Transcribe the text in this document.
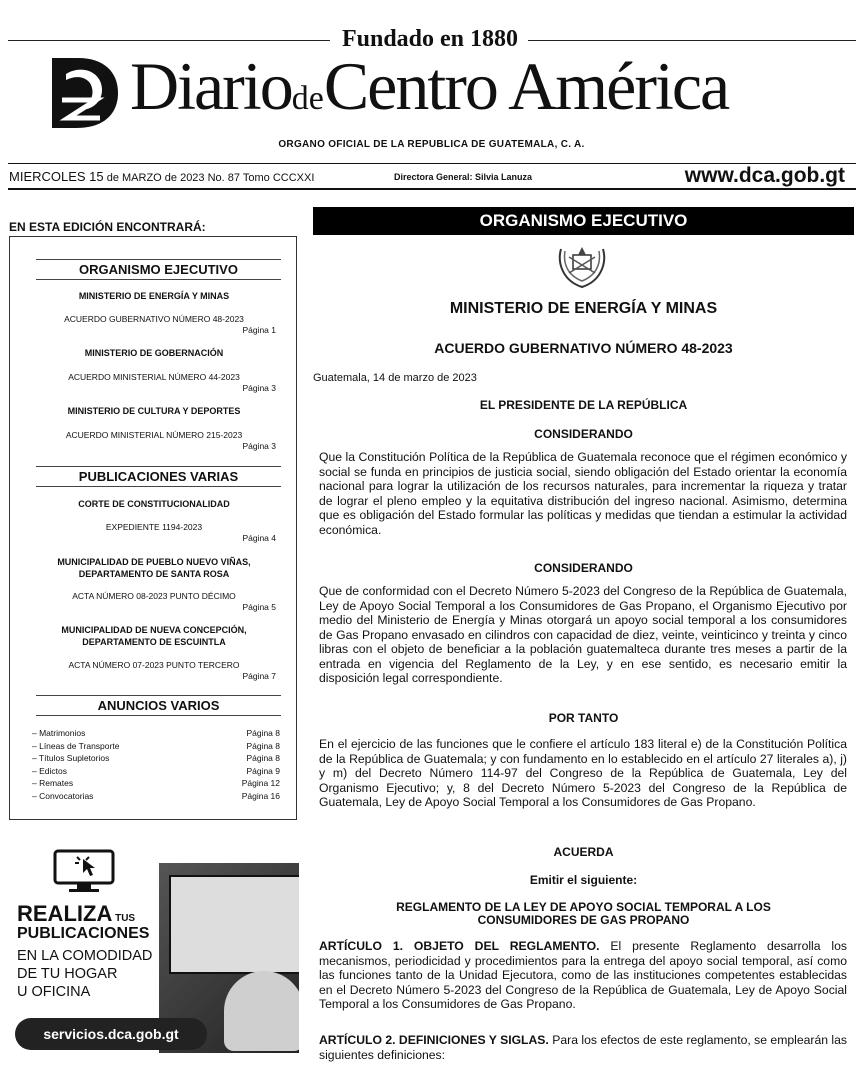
Fundado en 1880
DiariodeCentro América
ORGANO OFICIAL DE LA REPUBLICA DE GUATEMALA, C. A.
MIERCOLES 15 de MARZO de 2023 No. 87 Tomo CCCXXI	Directora General: Silvia Lanuza	www.dca.gob.gt
EN ESTA EDICIÓN ENCONTRARÁ:
ORGANISMO EJECUTIVO
MINISTERIO DE ENERGÍA Y MINAS
ACUERDO GUBERNATIVO NÚMERO 48-2023
Página 1
MINISTERIO DE GOBERNACIÓN
ACUERDO MINISTERIAL NÚMERO 44-2023
Página 3
MINISTERIO DE CULTURA Y DEPORTES
ACUERDO MINISTERIAL NÚMERO 215-2023
Página 3
PUBLICACIONES VARIAS
CORTE DE CONSTITUCIONALIDAD
EXPEDIENTE 1194-2023
Página 4
MUNICIPALIDAD DE PUEBLO NUEVO VIÑAS,
DEPARTAMENTO DE SANTA ROSA
ACTA NÚMERO 08-2023 PUNTO DÉCIMO
Página 5
MUNICIPALIDAD DE NUEVA CONCEPCIÓN,
DEPARTAMENTO DE ESCUINTLA
ACTA NÚMERO 07-2023 PUNTO TERCERO
Página 7
ANUNCIOS VARIOS
– Matrimonios	Página 8
– Líneas de Transporte	Página 8
– Títulos Supletorios	Página 8
– Edictos	Página 9
– Remates	Página 12
– Convocatorias	Página 16
REALIZA TUS
PUBLICACIONES
EN LA COMODIDAD
DE TU HOGAR
U OFICINA
servicios.dca.gob.gt
ORGANISMO EJECUTIVO
MINISTERIO DE ENERGÍA Y MINAS
ACUERDO GUBERNATIVO NÚMERO 48-2023
Guatemala, 14 de marzo de 2023
EL PRESIDENTE DE LA REPÚBLICA
CONSIDERANDO
Que la Constitución Política de la República de Guatemala reconoce que el régimen económico y social se funda en principios de justicia social, siendo obligación del Estado orientar la economía nacional para lograr la utilización de los recursos naturales, para incrementar la riqueza y tratar de lograr el pleno empleo y la equitativa distribución del ingreso nacional. Asimismo, determina que es obligación del Estado formular las políticas y medidas que tiendan a estimular la actividad económica.
CONSIDERANDO
Que de conformidad con el Decreto Número 5-2023 del Congreso de la República de Guatemala, Ley de Apoyo Social Temporal a los Consumidores de Gas Propano, el Organismo Ejecutivo por medio del Ministerio de Energía y Minas otorgará un apoyo social temporal a los consumidores de Gas Propano envasado en cilindros con capacidad de diez, veinte, veinticinco y treinta y cinco libras con el objeto de beneficiar a la población guatemalteca durante tres meses a partir de la entrada en vigencia del Reglamento de la Ley, y en ese sentido, es necesario emitir la disposición legal correspondiente.
POR TANTO
En el ejercicio de las funciones que le confiere el artículo 183 literal e) de la Constitución Política de la República de Guatemala; y con fundamento en lo establecido en el artículo 27 literales a), j) y m) del Decreto Número 114-97 del Congreso de la República de Guatemala, Ley del Organismo Ejecutivo; y, 8 del Decreto Número 5-2023 del Congreso de la República de Guatemala, Ley de Apoyo Social Temporal a los Consumidores de Gas Propano.
ACUERDA
Emitir el siguiente:
REGLAMENTO DE LA LEY DE APOYO SOCIAL TEMPORAL A LOS
CONSUMIDORES DE GAS PROPANO
ARTÍCULO 1. OBJETO DEL REGLAMENTO. El presente Reglamento desarrolla los mecanismos, periodicidad y procedimientos para la entrega del apoyo social temporal, así como las funciones tanto de la Unidad Ejecutora, como de las instituciones competentes establecidas en el Decreto Número 5-2023 del Congreso de la República de Guatemala, Ley de Apoyo Social Temporal a los Consumidores de Gas Propano.
ARTÍCULO 2. DEFINICIONES Y SIGLAS. Para los efectos de este reglamento, se emplearán las siguientes definiciones:
